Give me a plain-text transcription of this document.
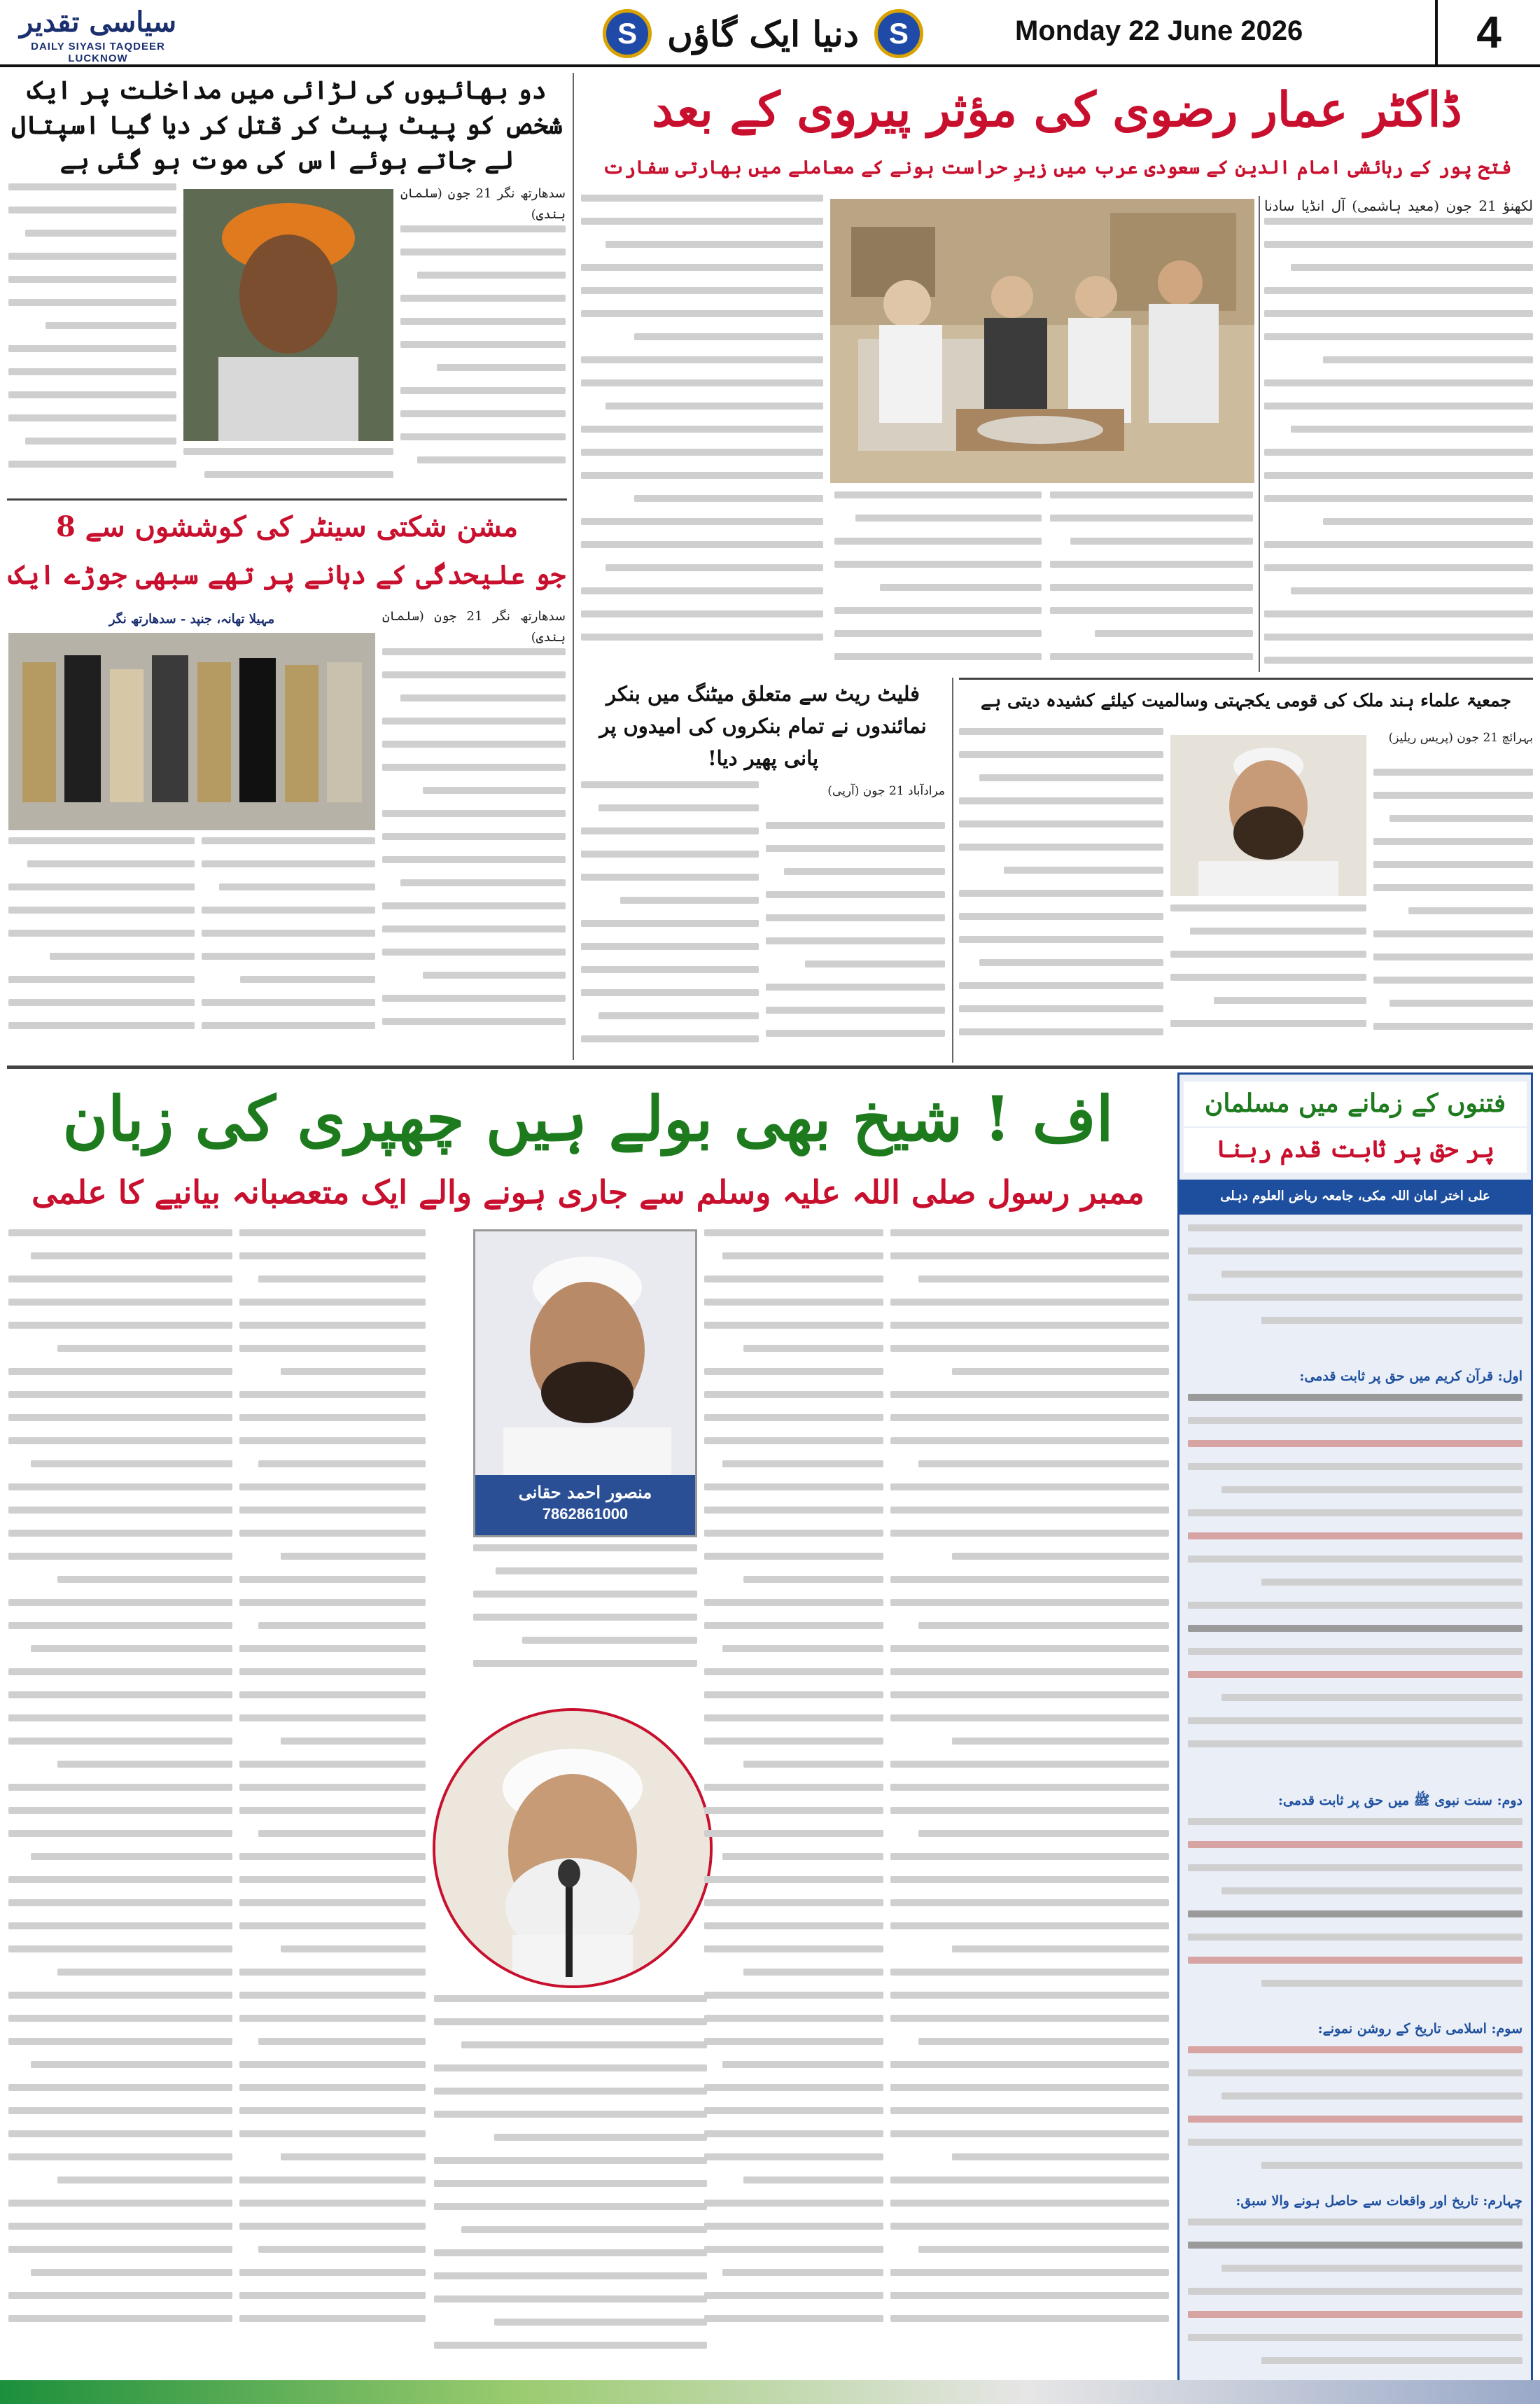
سیاسی تقدیر
DAILY SIYASI TAQDEER LUCKNOW
S دنیا ایک گاؤں	S	Monday 22 June 2026	4
ڈاکٹر عمار رضوی کی مؤثر پیروی کے بعد
فتح پور کے رہائشی امام الدین کے سعودی عرب میں زیرِ حراست ہونے کے معاملے میں بھارتی سفارت
لکھنؤ 21 جون (معید ہاشمی) آل انڈیا سادنا
دو بھائیوں کی لڑائی میں مداخلت پر ایک شخص کو پیٹ پیٹ کر قتل کر دیا گیا اسپتال لے جاتے ہوئے اس کی موت ہو گئی ہے
سدھارتھ نگر 21 جون (سلمان ہندی)
مشن شکتی سینٹر کی کوششوں سے 8
جو علیحدگی کے دہانے پر تھے سبھی جوڑے ایک
مہیلا تھانہ، جنپد - سدھارتھ نگر	سدھارتھ نگر 21 جون (سلمان ہندی)
جمعیۃ علماء ہند ملک کی قومی یکجہتی وسالمیت کیلئے کشیدہ دیتی ہے
بہرائچ 21 جون (پریس ریلیز)
فلیٹ ریٹ سے متعلق میٹنگ میں بنکر نمائندوں نے تمام بنکروں کی امیدوں پر پانی پھیر دیا!
مرادآباد 21 جون (آرپی)
اف ! شیخ بھی بولے ہیں چھپری کی زبان
ممبر رسول صلی اللہ علیہ وسلم سے جاری ہونے والے ایک متعصبانہ بیانیے کا علمی
منصور احمد حقانی
7862861000
فتنوں کے زمانے میں مسلمان
پر حق پر ثابت قدم رہنا
علی اختر امان اللہ مکی، جامعہ ریاض العلوم دہلی
اول: قرآن کریم میں حق پر ثابت قدمی:
دوم: سنت نبوی ﷺ میں حق پر ثابت قدمی:
سوم: اسلامی تاریخ کے روشن نمونے:
چہارم: تاریخ اور واقعات سے حاصل ہونے والا سبق:
